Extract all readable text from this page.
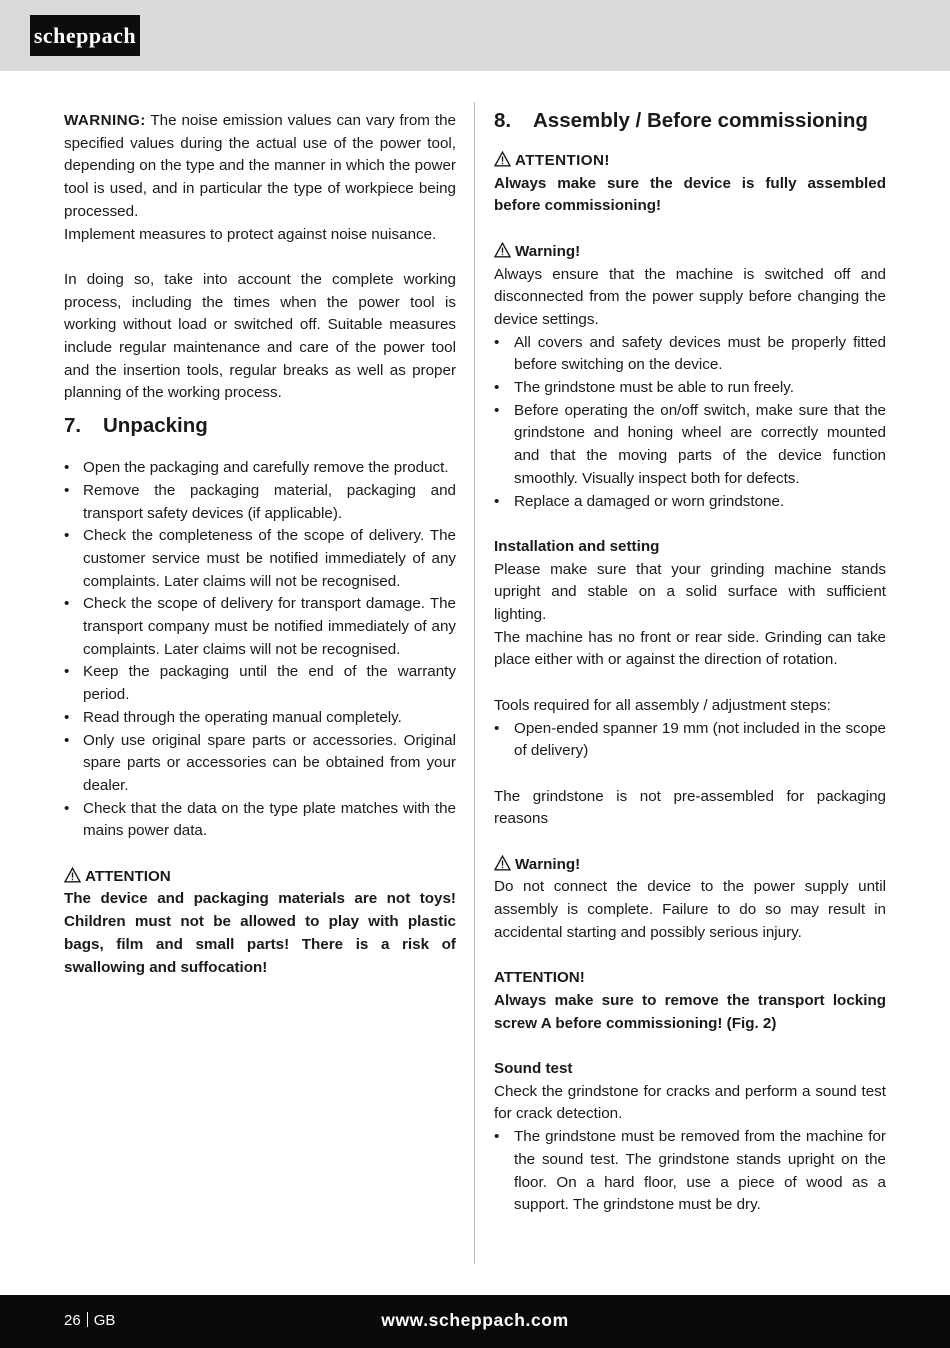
scheppach

WARNING: The noise emission values can vary from the specified values during the actual use of the power tool, depending on the type and the manner in which the power tool is used, and in particular the type of workpiece being processed.

Implement measures to protect against noise nuisance.

In doing so, take into account the complete working process, including the times when the power tool is working without load or switched off. Suitable measures include regular maintenance and care of the power tool and the insertion tools, regular breaks as well as proper planning of the working process.

7.	Unpacking
• Open the packaging and carefully remove the product.
• Remove the packaging material, packaging and transport safety devices (if applicable).
• Check the completeness of the scope of delivery. The customer service must be notified immediately of any complaints. Later claims will not be recognised.
• Check the scope of delivery for transport damage. The transport company must be notified immediately of any complaints. Later claims will not be recognised.
• Keep the packaging until the end of the warranty period.
• Read through the operating manual completely.
• Only use original spare parts or accessories. Original spare parts or accessories can be obtained from your dealer.
• Check that the data on the type plate matches with the mains power data.

ATTENTION

The device and packaging materials are not toys! Children must not be allowed to play with plastic bags, film and small parts! There is a risk of swallowing and suffocation!

8.	Assembly / Before commissioning

ATTENTION!

Always make sure the device is fully assembled before commissioning!

Warning!

Always ensure that the machine is switched off and disconnected from the power supply before changing the device settings.

• All covers and safety devices must be properly fitted before switching on the device.
• The grindstone must be able to run freely.
• Before operating the on/off switch, make sure that the grindstone and honing wheel are correctly mounted and that the moving parts of the device function smoothly. Visually inspect both for defects.
• Replace a damaged or worn grindstone.

Installation and setting

Please make sure that your grinding machine stands upright and stable on a solid surface with sufficient lighting.

The machine has no front or rear side. Grinding can take place either with or against the direction of rotation.

Tools required for all assembly / adjustment steps:

• Open-ended spanner 19 mm (not included in the scope of delivery)

The grindstone is not pre-assembled for packaging reasons

Warning!

Do not connect the device to the power supply until assembly is complete. Failure to do so may result in accidental starting and possibly serious injury.

ATTENTION!

Always make sure to remove the transport locking screw A before commissioning! (Fig. 2)

Sound test

Check the grindstone for cracks and perform a sound test for crack detection.

• The grindstone must be removed from the machine for the sound test. The grindstone stands upright on the floor. On a hard floor, use a piece of wood as a support. The grindstone must be dry.
26 GB	www.scheppach.com
